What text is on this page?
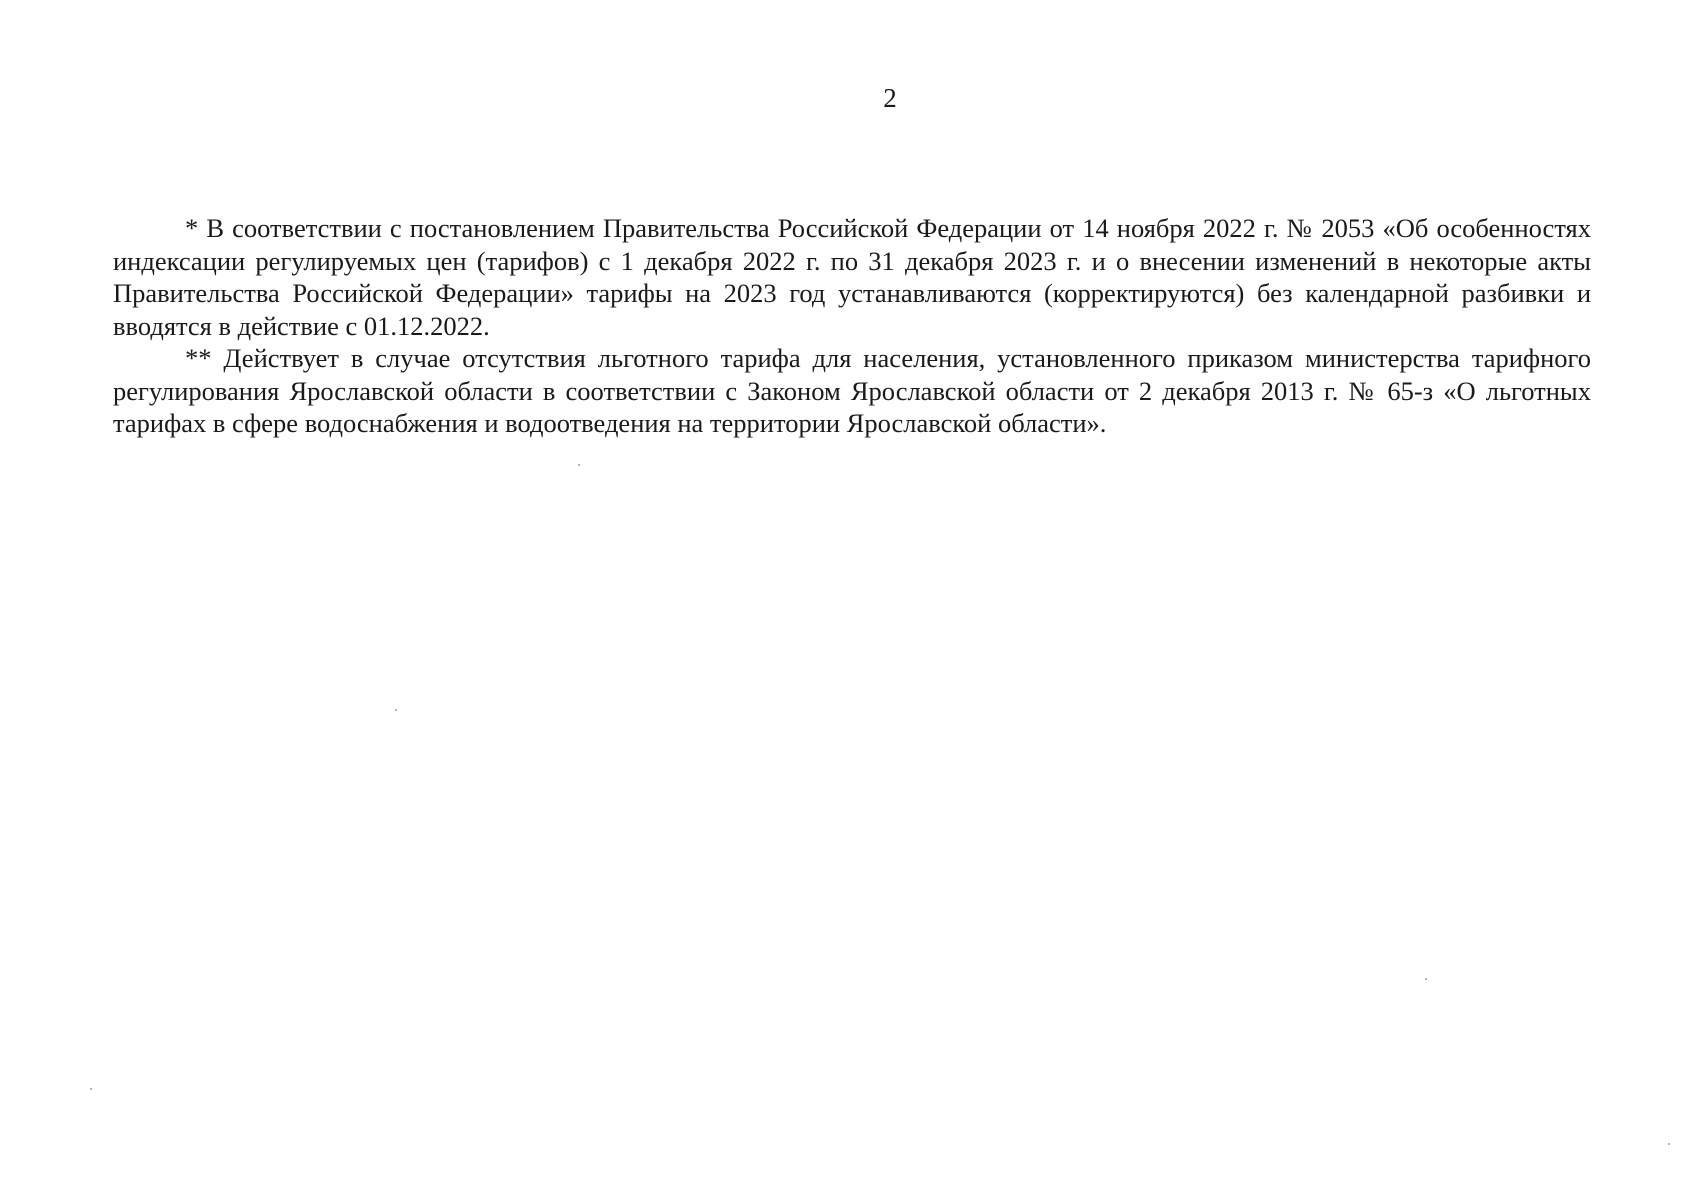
2

* В соответствии с постановлением Правительства Российской Федерации от 14 ноября 2022 г. № 2053 «Об особенностях индексации регулируемых цен (тарифов) с 1 декабря 2022 г. по 31 декабря 2023 г. и о внесении изменений в некоторые акты Правительства Российской Федерации» тарифы на 2023 год устанавливаются (корректируются) без календарной разбивки и вводятся в действие с 01.12.2022.

** Действует в случае отсутствия льготного тарифа для населения, установленного приказом министерства тарифного регулирования Ярославской области в соответствии с Законом Ярославской области от 2 декабря 2013 г. № 65-з «О льготных тарифах в сфере водоснабжения и водоотведения на территории Ярославской области».
